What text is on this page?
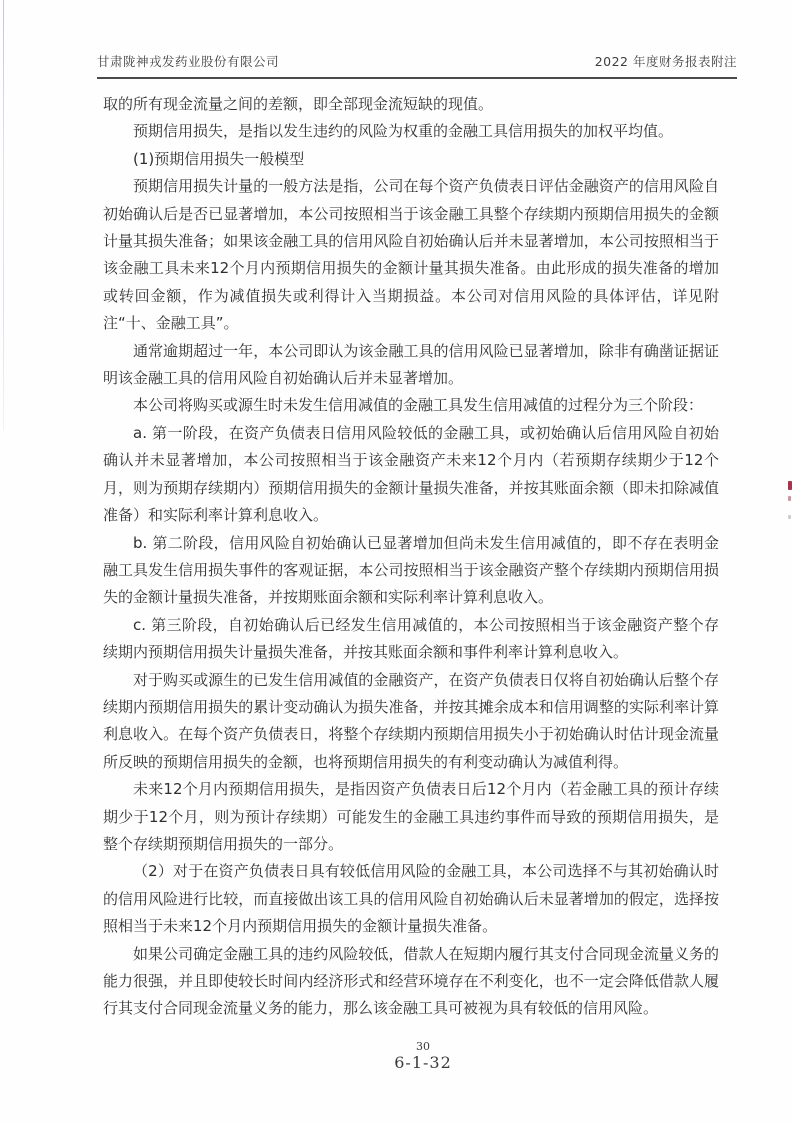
甘肃陇神戎发药业股份有限公司	2022 年度财务报表附注

取的所有现金流量之间的差额，即全部现金流短缺的现值。

预期信用损失，是指以发生违约的风险为权重的金融工具信用损失的加权平均值。

(1)预期信用损失一般模型

预期信用损失计量的一般方法是指，公司在每个资产负债表日评估金融资产的信用风险自初始确认后是否已显著增加，本公司按照相当于该金融工具整个存续期内预期信用损失的金额计量其损失准备；如果该金融工具的信用风险自初始确认后并未显著增加，本公司按照相当于该金融工具未来12个月内预期信用损失的金额计量其损失准备。由此形成的损失准备的增加或转回金额，作为减值损失或利得计入当期损益。本公司对信用风险的具体评估，详见附注“十、金融工具”。

通常逾期超过一年，本公司即认为该金融工具的信用风险已显著增加，除非有确凿证据证明该金融工具的信用风险自初始确认后并未显著增加。

本公司将购买或源生时未发生信用减值的金融工具发生信用减值的过程分为三个阶段：

a. 第一阶段，在资产负债表日信用风险较低的金融工具，或初始确认后信用风险自初始确认并未显著增加，本公司按照相当于该金融资产未来12个月内（若预期存续期少于12个月，则为预期存续期内）预期信用损失的金额计量损失准备，并按其账面余额（即未扣除减值准备）和实际利率计算利息收入。

b. 第二阶段，信用风险自初始确认已显著增加但尚未发生信用减值的，即不存在表明金融工具发生信用损失事件的客观证据，本公司按照相当于该金融资产整个存续期内预期信用损失的金额计量损失准备，并按期账面余额和实际利率计算利息收入。

c. 第三阶段，自初始确认后已经发生信用减值的，本公司按照相当于该金融资产整个存续期内预期信用损失计量损失准备，并按其账面余额和事件利率计算利息收入。

对于购买或源生的已发生信用减值的金融资产，在资产负债表日仅将自初始确认后整个存续期内预期信用损失的累计变动确认为损失准备，并按其摊余成本和信用调整的实际利率计算利息收入。在每个资产负债表日，将整个存续期内预期信用损失小于初始确认时估计现金流量所反映的预期信用损失的金额，也将预期信用损失的有利变动确认为减值利得。

未来12个月内预期信用损失，是指因资产负债表日后12个月内（若金融工具的预计存续期少于12个月，则为预计存续期）可能发生的金融工具违约事件而导致的预期信用损失，是整个存续期预期信用损失的一部分。

（2）对于在资产负债表日具有较低信用风险的金融工具，本公司选择不与其初始确认时的信用风险进行比较，而直接做出该工具的信用风险自初始确认后未显著增加的假定，选择按照相当于未来12个月内预期信用损失的金额计量损失准备。

如果公司确定金融工具的违约风险较低，借款人在短期内履行其支付合同现金流量义务的能力很强，并且即使较长时间内经济形式和经营环境存在不利变化，也不一定会降低借款人履行其支付合同现金流量义务的能力，那么该金融工具可被视为具有较低的信用风险。

30
6-1-32
